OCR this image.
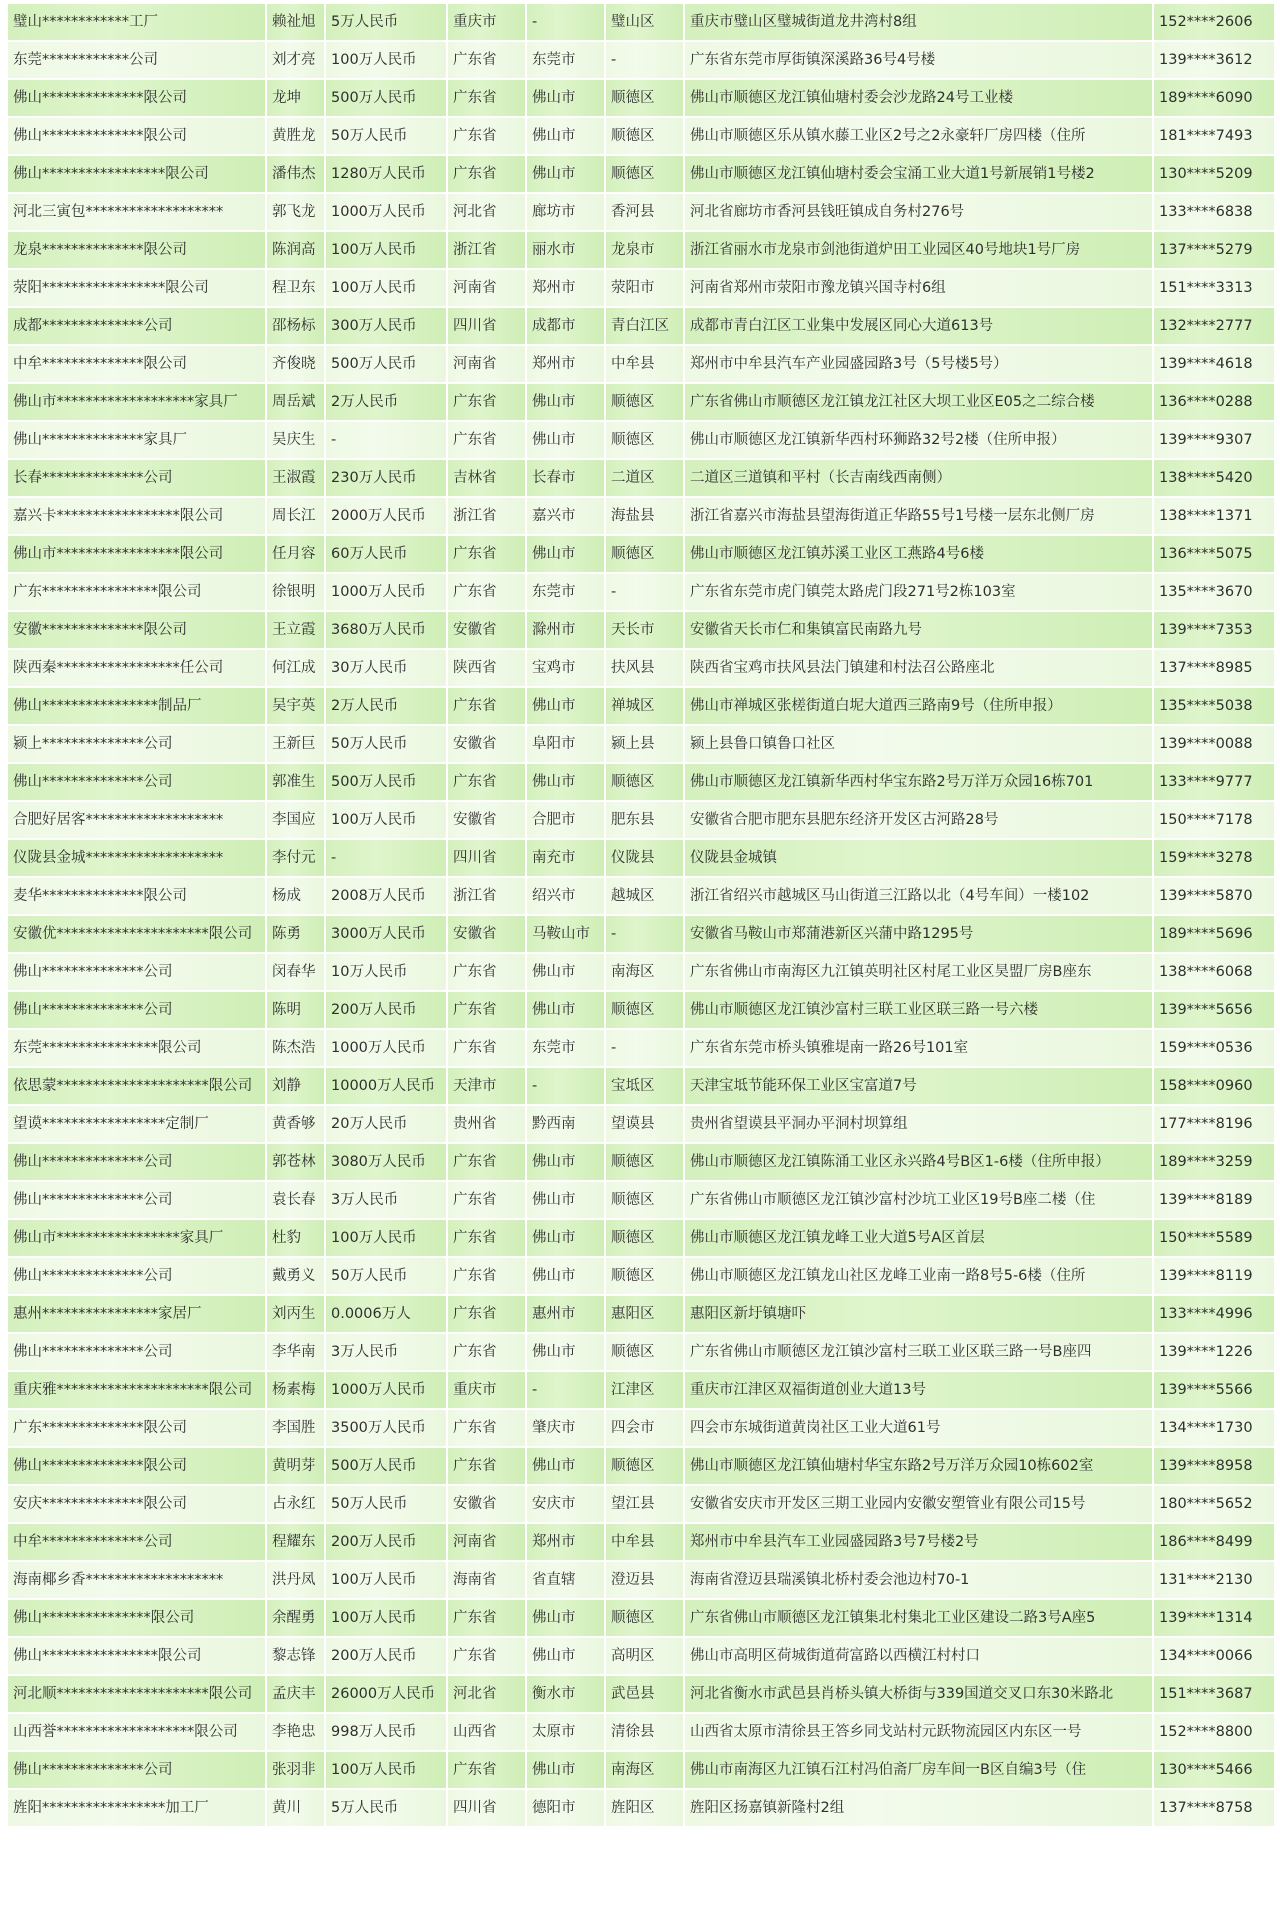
璧山************工厂	赖祉旭	5万人民币	重庆市	-	璧山区	重庆市璧山区璧城街道龙井湾村8组	152****2606
东莞************公司	刘才亮	100万人民币	广东省	东莞市	-	广东省东莞市厚街镇深溪路36号4号楼	139****3612
佛山**************限公司	龙坤	500万人民币	广东省	佛山市	顺德区	佛山市顺德区龙江镇仙塘村委会沙龙路24号工业楼	189****6090
佛山**************限公司	黄胜龙	50万人民币	广东省	佛山市	顺德区	佛山市顺德区乐从镇水藤工业区2号之2永豪轩厂房四楼（住所	181****7493
佛山*****************限公司	潘伟杰	1280万人民币	广东省	佛山市	顺德区	佛山市顺德区龙江镇仙塘村委会宝涌工业大道1号新展销1号楼2	130****5209
河北三寅包*******************	郭飞龙	1000万人民币	河北省	廊坊市	香河县	河北省廊坊市香河县钱旺镇成自务村276号	133****6838
龙泉**************限公司	陈润高	100万人民币	浙江省	丽水市	龙泉市	浙江省丽水市龙泉市剑池街道炉田工业园区40号地块1号厂房	137****5279
荥阳*****************限公司	程卫东	100万人民币	河南省	郑州市	荥阳市	河南省郑州市荥阳市豫龙镇兴国寺村6组	151****3313
成都**************公司	邵杨标	300万人民币	四川省	成都市	青白江区	成都市青白江区工业集中发展区同心大道613号	132****2777
中牟**************限公司	齐俊晓	500万人民币	河南省	郑州市	中牟县	郑州市中牟县汽车产业园盛园路3号（5号楼5号）	139****4618
佛山市*******************家具厂	周岳斌	2万人民币	广东省	佛山市	顺德区	广东省佛山市顺德区龙江镇龙江社区大坝工业区E05之二综合楼	136****0288
佛山**************家具厂	吴庆生	-	广东省	佛山市	顺德区	佛山市顺德区龙江镇新华西村环狮路32号2楼（住所申报）	139****9307
长春**************公司	王淑霞	230万人民币	吉林省	长春市	二道区	二道区三道镇和平村（长吉南线西南侧）	138****5420
嘉兴卡*****************限公司	周长江	2000万人民币	浙江省	嘉兴市	海盐县	浙江省嘉兴市海盐县望海街道正华路55号1号楼一层东北侧厂房	138****1371
佛山市*****************限公司	任月容	60万人民币	广东省	佛山市	顺德区	佛山市顺德区龙江镇苏溪工业区工燕路4号6楼	136****5075
广东****************限公司	徐银明	1000万人民币	广东省	东莞市	-	广东省东莞市虎门镇莞太路虎门段271号2栋103室	135****3670
安徽**************限公司	王立霞	3680万人民币	安徽省	滁州市	天长市	安徽省天长市仁和集镇富民南路九号	139****7353
陕西秦*****************任公司	何江成	30万人民币	陕西省	宝鸡市	扶风县	陕西省宝鸡市扶风县法门镇建和村法召公路座北	137****8985
佛山****************制品厂	吴宇英	2万人民币	广东省	佛山市	禅城区	佛山市禅城区张槎街道白坭大道西三路南9号（住所申报）	135****5038
颍上**************公司	王新巨	50万人民币	安徽省	阜阳市	颍上县	颍上县鲁口镇鲁口社区	139****0088
佛山**************公司	郭准生	500万人民币	广东省	佛山市	顺德区	佛山市顺德区龙江镇新华西村华宝东路2号万洋万众园16栋701	133****9777
合肥好居客*******************	李国应	100万人民币	安徽省	合肥市	肥东县	安徽省合肥市肥东县肥东经济开发区古河路28号	150****7178
仪陇县金城*******************	李付元	-	四川省	南充市	仪陇县	仪陇县金城镇	159****3278
麦华**************限公司	杨成	2008万人民币	浙江省	绍兴市	越城区	浙江省绍兴市越城区马山街道三江路以北（4号车间）一楼102	139****5870
安徽优*********************限公司	陈勇	3000万人民币	安徽省	马鞍山市	-	安徽省马鞍山市郑蒲港新区兴蒲中路1295号	189****5696
佛山**************公司	闵春华	10万人民币	广东省	佛山市	南海区	广东省佛山市南海区九江镇英明社区村尾工业区昊盟厂房B座东	138****6068
佛山**************公司	陈明	200万人民币	广东省	佛山市	顺德区	佛山市顺德区龙江镇沙富村三联工业区联三路一号六楼	139****5656
东莞****************限公司	陈杰浩	1000万人民币	广东省	东莞市	-	广东省东莞市桥头镇雅堤南一路26号101室	159****0536
依思蒙*********************限公司	刘静	10000万人民币	天津市	-	宝坻区	天津宝坻节能环保工业区宝富道7号	158****0960
望谟*****************定制厂	黄香够	20万人民币	贵州省	黔西南	望谟县	贵州省望谟县平洞办平洞村坝算组	177****8196
佛山**************公司	郭苍林	3080万人民币	广东省	佛山市	顺德区	佛山市顺德区龙江镇陈涌工业区永兴路4号B区1-6楼（住所申报）	189****3259
佛山**************公司	袁长春	3万人民币	广东省	佛山市	顺德区	广东省佛山市顺德区龙江镇沙富村沙坑工业区19号B座二楼（住	139****8189
佛山市*****************家具厂	杜豹	100万人民币	广东省	佛山市	顺德区	佛山市顺德区龙江镇龙峰工业大道5号A区首层	150****5589
佛山**************公司	戴勇义	50万人民币	广东省	佛山市	顺德区	佛山市顺德区龙江镇龙山社区龙峰工业南一路8号5-6楼（住所	139****8119
惠州****************家居厂	刘丙生	0.0006万人	广东省	惠州市	惠阳区	惠阳区新圩镇塘吓	133****4996
佛山**************公司	李华南	3万人民币	广东省	佛山市	顺德区	广东省佛山市顺德区龙江镇沙富村三联工业区联三路一号B座四	139****1226
重庆雅*********************限公司	杨素梅	1000万人民币	重庆市	-	江津区	重庆市江津区双福街道创业大道13号	139****5566
广东**************限公司	李国胜	3500万人民币	广东省	肇庆市	四会市	四会市东城街道黄岗社区工业大道61号	134****1730
佛山**************限公司	黄明芽	500万人民币	广东省	佛山市	顺德区	佛山市顺德区龙江镇仙塘村华宝东路2号万洋万众园10栋602室	139****8958
安庆**************限公司	占永红	50万人民币	安徽省	安庆市	望江县	安徽省安庆市开发区三期工业园内安徽安塑管业有限公司15号	180****5652
中牟**************公司	程耀东	200万人民币	河南省	郑州市	中牟县	郑州市中牟县汽车工业园盛园路3号7号楼2号	186****8499
海南椰乡香*******************	洪丹凤	100万人民币	海南省	省直辖	澄迈县	海南省澄迈县瑞溪镇北桥村委会池边村70-1	131****2130
佛山***************限公司	余醒勇	100万人民币	广东省	佛山市	顺德区	广东省佛山市顺德区龙江镇集北村集北工业区建设二路3号A座5	139****1314
佛山****************限公司	黎志锋	200万人民币	广东省	佛山市	高明区	佛山市高明区荷城街道荷富路以西横江村村口	134****0066
河北顺*********************限公司	孟庆丰	26000万人民币	河北省	衡水市	武邑县	河北省衡水市武邑县肖桥头镇大桥街与339国道交叉口东30米路北	151****3687
山西誉*******************限公司	李艳忠	998万人民币	山西省	太原市	清徐县	山西省太原市清徐县王答乡同戈站村元跃物流园区内东区一号	152****8800
佛山**************公司	张羽非	100万人民币	广东省	佛山市	南海区	佛山市南海区九江镇石江村冯伯斋厂房车间一B区自编3号（住	130****5466
旌阳*****************加工厂	黄川	5万人民币	四川省	德阳市	旌阳区	旌阳区扬嘉镇新隆村2组	137****8758
